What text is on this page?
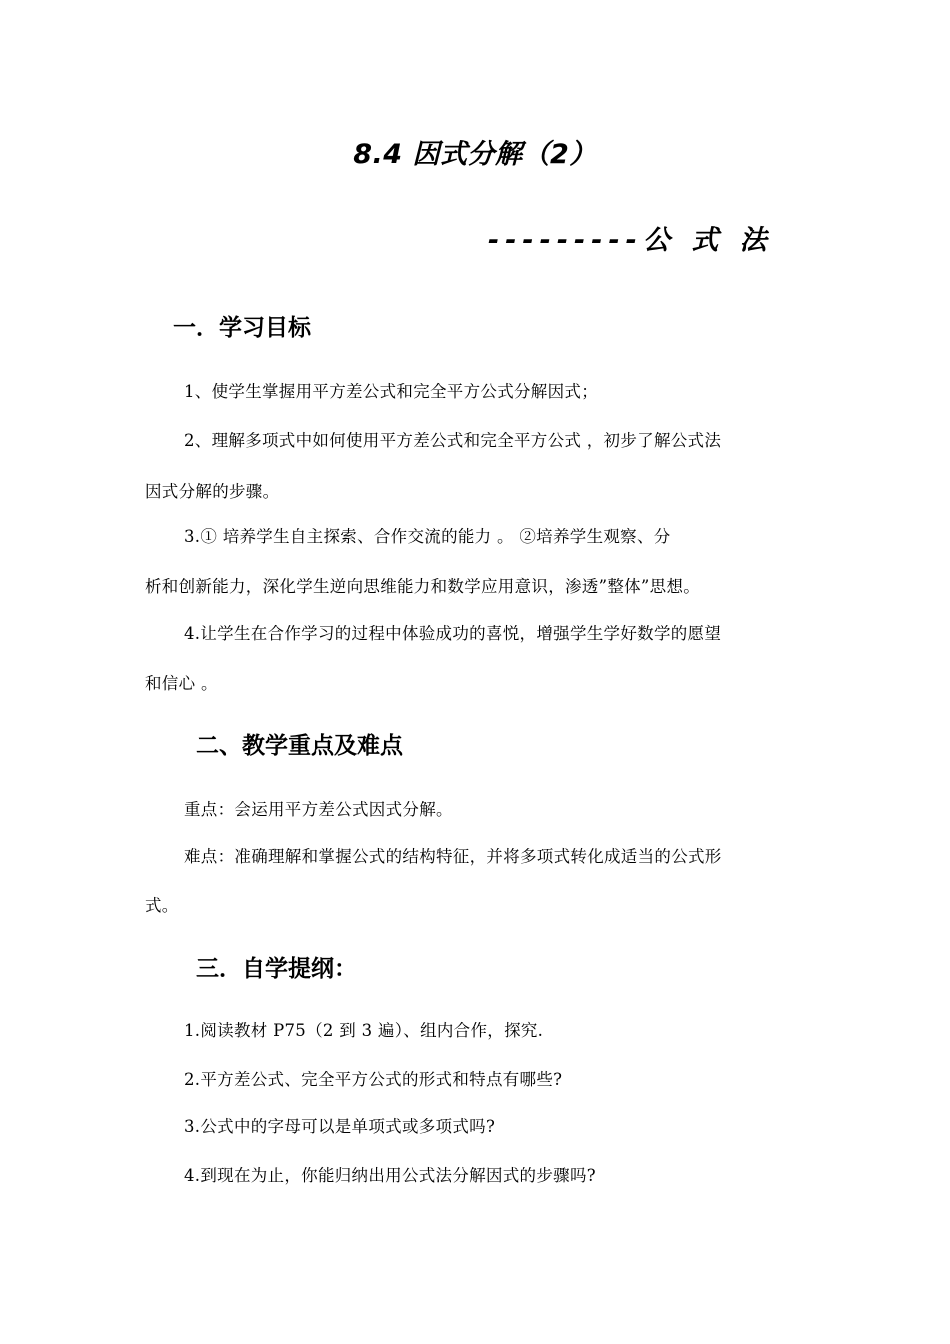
8.4 因式分解（2）
---------公 式 法
一．学习目标
1、使学生掌握用平方差公式和完全平方公式分解因式；
2、理解多项式中如何使用平方差公式和完全平方公式 ，初步了解公式法
因式分解的步骤。
3.① 培养学生自主探索、合作交流的能力 。 ②培养学生观察、分
析和创新能力，深化学生逆向思维能力和数学应用意识，渗透”整体”思想。
4.让学生在合作学习的过程中体验成功的喜悦，增强学生学好数学的愿望
和信心 。
二、教学重点及难点
重点：会运用平方差公式因式分解。
难点：准确理解和掌握公式的结构特征，并将多项式转化成适当的公式形
式。
三．自学提纲：
1.阅读教材 P75（2 到 3 遍）、组内合作，探究.
2.平方差公式、完全平方公式的形式和特点有哪些?
3.公式中的字母可以是单项式或多项式吗?
4.到现在为止，你能归纳出用公式法分解因式的步骤吗?
